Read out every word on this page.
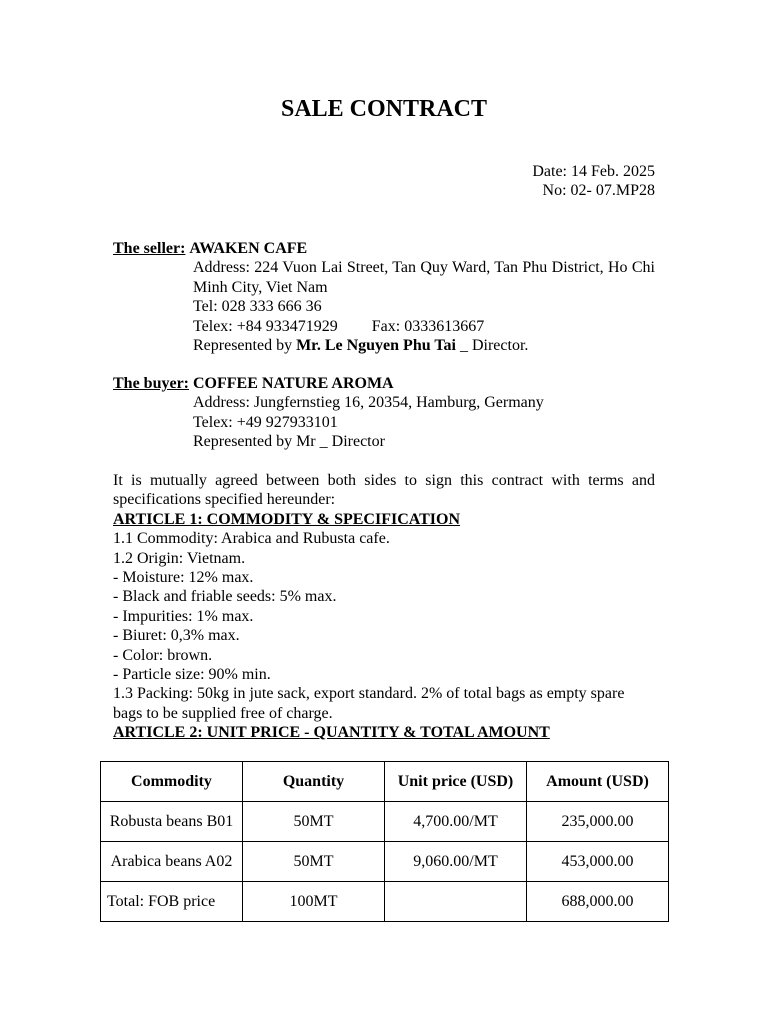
SALE CONTRACT
Date: 14 Feb. 2025
No: 02- 07.MP28
The seller: AWAKEN CAFE
Address: 224 Vuon Lai Street, Tan Quy Ward, Tan Phu District, Ho Chi Minh City, Viet Nam
Tel: 028 333 666 36
Telex: +84 933471929 Fax: 0333613667
Represented by Mr. Le Nguyen Phu Tai _ Director.
The buyer: COFFEE NATURE AROMA
Address: Jungfernstieg 16, 20354, Hamburg, Germany
Telex: +49 927933101
Represented by Mr _ Director
It is mutually agreed between both sides to sign this contract with terms and specifications specified hereunder:
ARTICLE 1: COMMODITY & SPECIFICATION
1.1 Commodity: Arabica and Rubusta cafe.
1.2 Origin: Vietnam.
- Moisture: 12% max.
- Black and friable seeds: 5% max.
- Impurities: 1% max.
- Biuret: 0,3% max.
- Color: brown.
- Particle size: 90% min.
1.3 Packing: 50kg in jute sack, export standard. 2% of total bags as empty spare bags to be supplied free of charge.
ARTICLE 2: UNIT PRICE - QUANTITY & TOTAL AMOUNT
Commodity	Quantity	Unit price (USD)	Amount (USD)
Robusta beans B01	50MT	4,700.00/MT	235,000.00
Arabica beans A02	50MT	9,060.00/MT	453,000.00
Total: FOB price	100MT		688,000.00
